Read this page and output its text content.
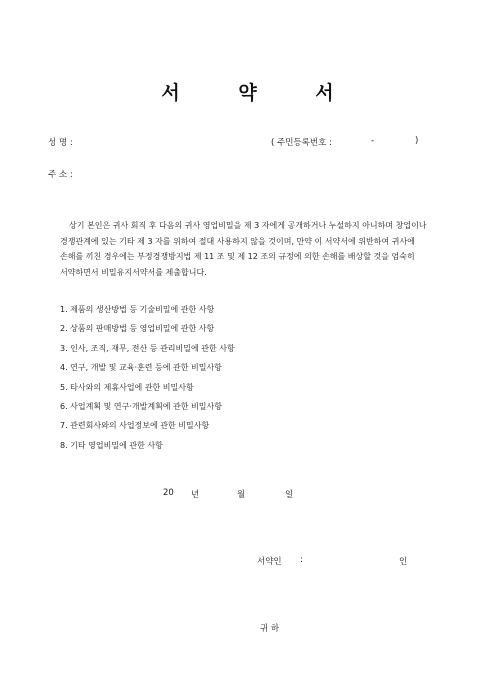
서 약 서
성 명 :	( 주민등록번호 :	-	)
주 소 :
상기 본인은 귀사 회직 후 다음의 귀사 영업비밀을 제 3 자에게 공개하거나 누설하지 아니하며 창업이나
경쟁관계에 있는 기타 제 3 자를 위하여 절대 사용하지 않을 것이며, 만약 이 서약서에 위반하여 귀사에
손해를 끼친 경우에는 부정경쟁방지법 제 11 조 및 제 12 조의 규정에 의한 손해를 배상할 것을 엄숙히
서약하면서 비밀유지서약서를 제출합니다.
1. 제품의 생산방법 등 기술비밀에 관한 사항
2. 상품의 판매방법 등 영업비밀에 관한 사항
3. 인사, 조직, 재무, 전산 등 관리비밀에 관한 사항
4. 연구, 개발 및 교육·훈련 등에 관한 비밀사항
5. 타사와의 제휴사업에 관한 비밀사항
6. 사업계획 및 연구·개발계획에 관한 비밀사항
7. 관련회사와의 사업정보에 관한 비밀사항
8. 기타 영업비밀에 관한 사항
20 년	월	일
서약인 :	인
귀 하
